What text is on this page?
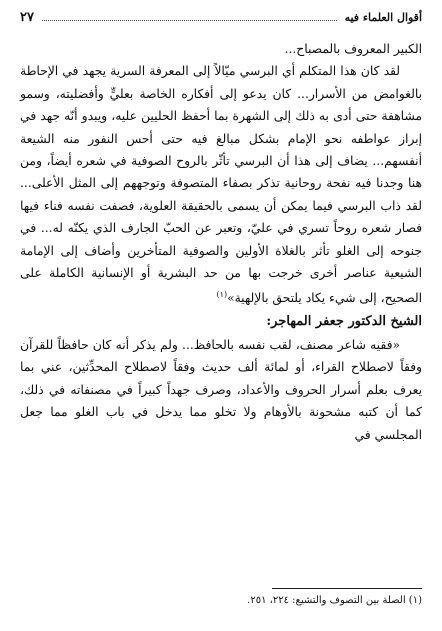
أقوال العلماء فيه
٢٧

الكبير المعروف بالمصباح...

لقد كان هذا المتكلم أي البرسي ميّالاً إلى المعرفة السرية يجهد في الإحاطة بالغوامض من الأسرار... كان يدعو إلى أفكاره الخاصة بعليٍّ وأفضليته، وسمو مشاهفة حتى أدى به ذلك إلى الشهرة بما أحفظ الحليين عليه، ويبدو أنّه جهد في إبراز عواطفه نحو الإمام بشكل مبالغ فيه حتى أحس النفور منه الشيعة أنفسهم... يضاف إلى هذا أن البرسي تأثّر بالروح الصوفية في شعره أيضاً، ومن هنا وجدنا فيه نفحة روحانية تذكر بصفاء المتصوفة وتوجههم إلى المثل الأعلى... لقد ذاب البرسي فيما يمكن أن يسمى بالحقيقة العلوية، فصفت نفسه فناء فيها فصار شعره روحاً تسري في عليّ، وتعبر عن الحبّ الجارف الذي يكنّه له... في جنوحه إلى الغلو تأثر بالغلاة الأولين والصوفية المتأخرين وأضاف إلى الإمامة الشيعية عناصر أخرى خرجت بها من حد البشرية أو الإنسانية الكاملة على الصحيح، إلى شيء يكاد يلتحق بالإلهية»$^{(١)}$

الشيخ الدكتور جعفر المهاجر:

«فقيه شاعر مصنف، لقب نفسه بالحافظ... ولم يذكر أنه كان حافظاً للقرآن وفقاً لاصطلاح القراء، أو لمائة ألف حديث وفقاً لاصطلاح المحدِّثين، عني بما يعرف بعلم أسرار الحروف والأعداد، وصرف جهداً كبيراً في مصنفاته في ذلك، كما أن كتبه مشحونة بالأوهام ولا تخلو مما يدخل في باب الغلو مما جعل المجلسي في

(١) الصلة بين التصوف والتشيع: ٢٢٤، ٢٥١.
